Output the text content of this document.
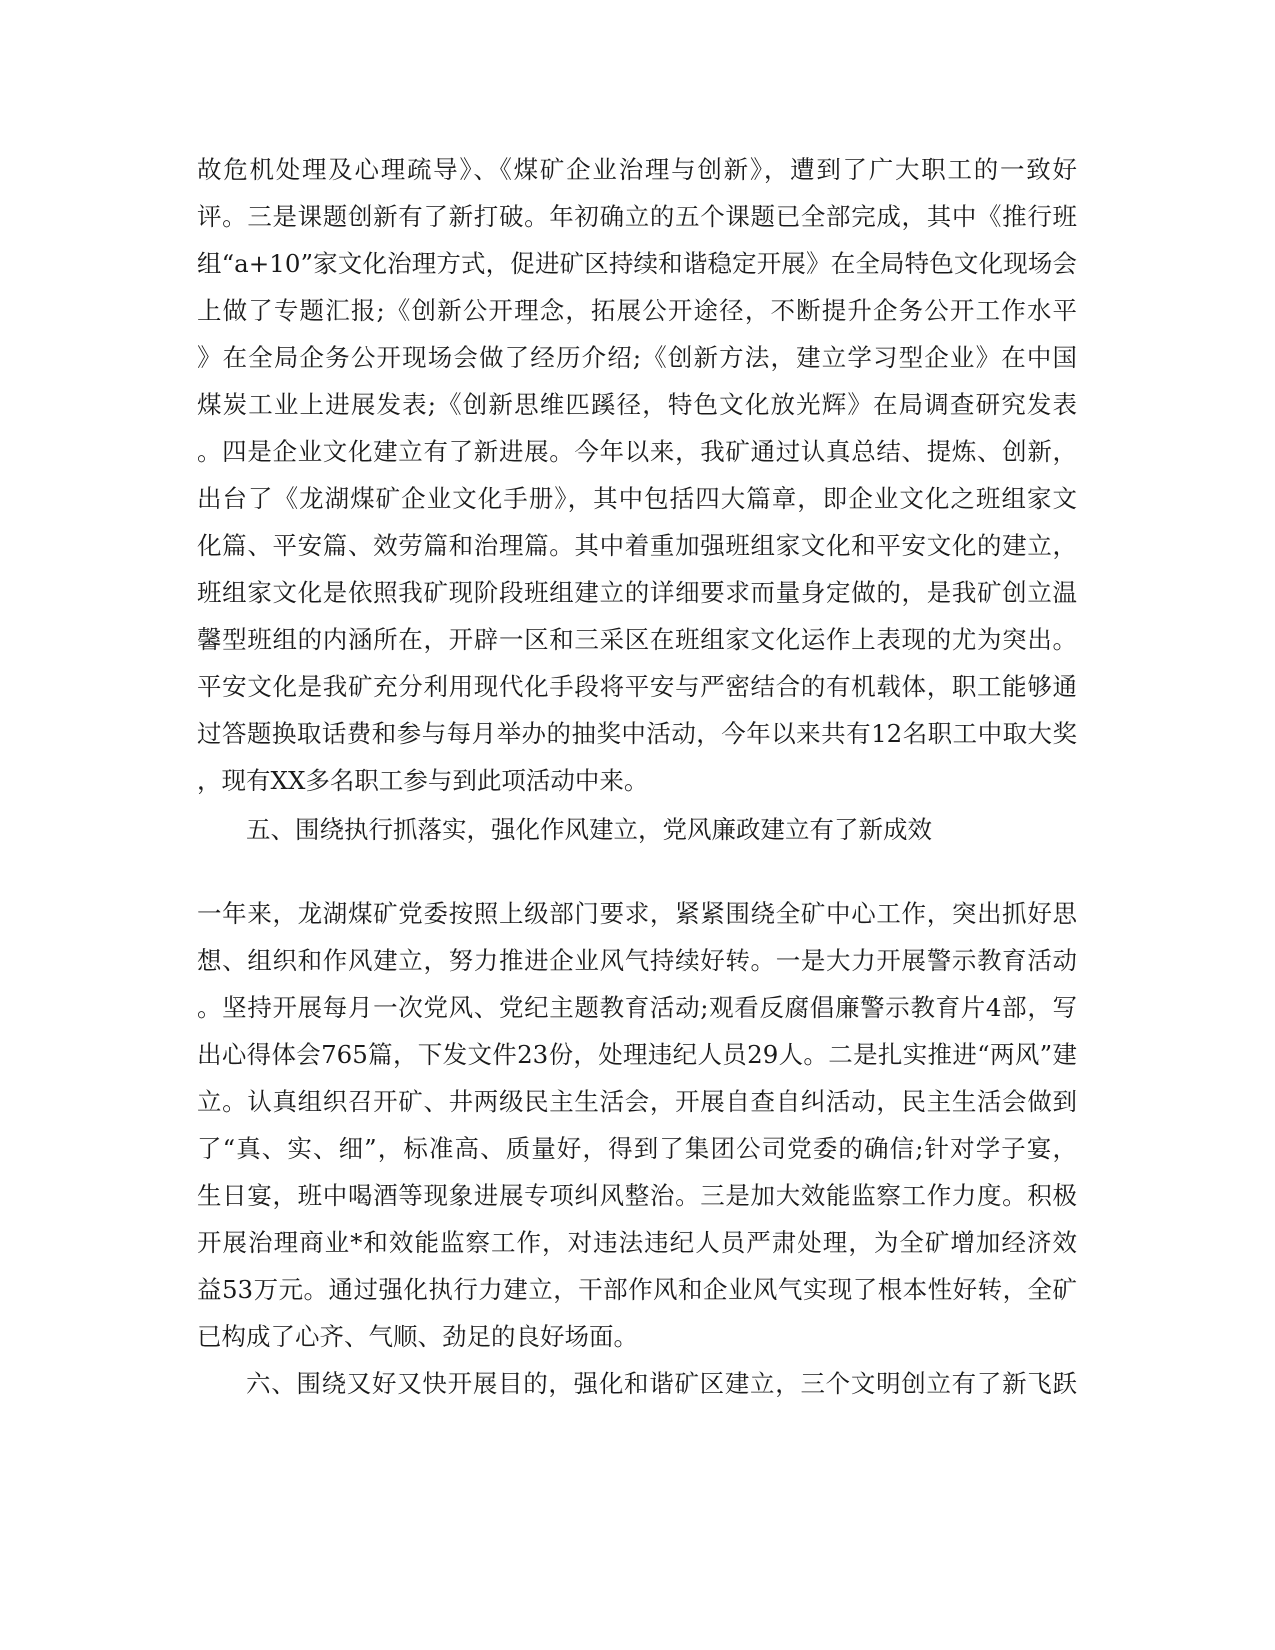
故危机处理及心理疏导》、《煤矿企业治理与创新》，遭到了广大职工的一致好
评。三是课题创新有了新打破。年初确立的五个课题已全部完成，其中《推行班
组“a+10”家文化治理方式，促进矿区持续和谐稳定开展》在全局特色文化现场会
上做了专题汇报;《创新公开理念，拓展公开途径，不断提升企务公开工作水平
》在全局企务公开现场会做了经历介绍;《创新方法，建立学习型企业》在中国
煤炭工业上进展发表;《创新思维匹蹊径，特色文化放光辉》在局调查研究发表
。四是企业文化建立有了新进展。今年以来，我矿通过认真总结、提炼、创新，
出台了《龙湖煤矿企业文化手册》，其中包括四大篇章，即企业文化之班组家文
化篇、平安篇、效劳篇和治理篇。其中着重加强班组家文化和平安文化的建立，
班组家文化是依照我矿现阶段班组建立的详细要求而量身定做的，是我矿创立温
馨型班组的内涵所在，开辟一区和三采区在班组家文化运作上表现的尤为突出。
平安文化是我矿充分利用现代化手段将平安与严密结合的有机载体，职工能够通
过答题换取话费和参与每月举办的抽奖中活动，今年以来共有12名职工中取大奖
，现有XX多名职工参与到此项活动中来。
五、围绕执行抓落实，强化作风建立，党风廉政建立有了新成效
一年来，龙湖煤矿党委按照上级部门要求，紧紧围绕全矿中心工作，突出抓好思
想、组织和作风建立，努力推进企业风气持续好转。一是大力开展警示教育活动
。坚持开展每月一次党风、党纪主题教育活动;观看反腐倡廉警示教育片4部，写
出心得体会765篇，下发文件23份，处理违纪人员29人。二是扎实推进“两风”建
立。认真组织召开矿、井两级民主生活会，开展自查自纠活动，民主生活会做到
了“真、实、细”，标准高、质量好，得到了集团公司党委的确信;针对学子宴，
生日宴，班中喝酒等现象进展专项纠风整治。三是加大效能监察工作力度。积极
开展治理商业*和效能监察工作，对违法违纪人员严肃处理，为全矿增加经济效
益53万元。通过强化执行力建立，干部作风和企业风气实现了根本性好转，全矿
已构成了心齐、气顺、劲足的良好场面。
六、围绕又好又快开展目的，强化和谐矿区建立，三个文明创立有了新飞跃
